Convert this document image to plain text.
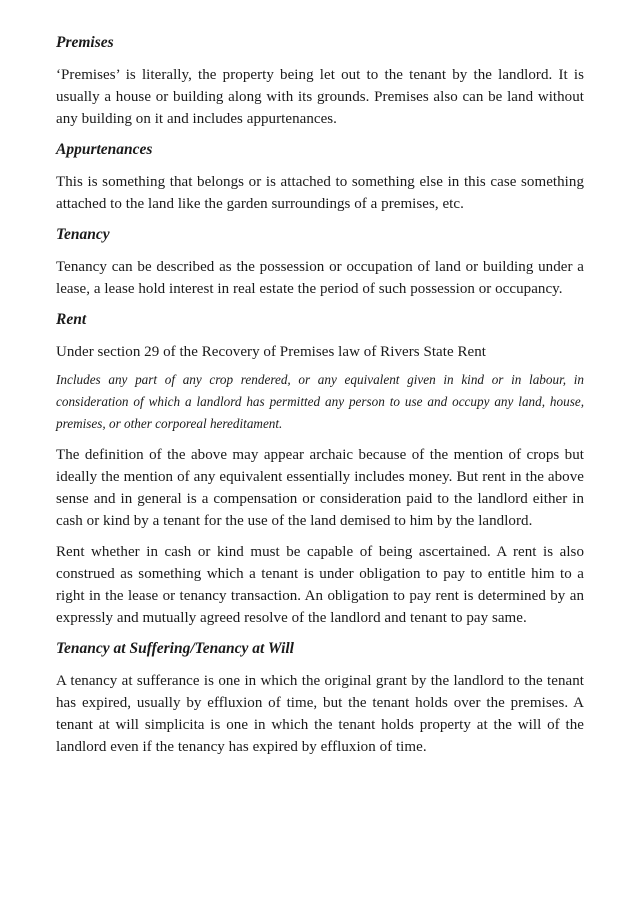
Premises

‘Premises’ is literally, the property being let out to the tenant by the landlord. It is usually a house or building along with its grounds. Premises also can be land without any building on it and includes appurtenances.

Appurtenances

This is something that belongs or is attached to something else in this case something attached to the land like the garden surroundings of a premises, etc.

Tenancy

Tenancy can be described as the possession or occupation of land or building under a lease, a lease hold interest in real estate the period of such possession or occupancy.

Rent

Under section 29 of the Recovery of Premises law of Rivers State Rent

Includes any part of any crop rendered, or any equivalent given in kind or in labour, in consideration of which a landlord has permitted any person to use and occupy any land, house, premises, or other corporeal hereditament.

The definition of the above may appear archaic because of the mention of crops but ideally the mention of any equivalent essentially includes money. But rent in the above sense and in general is a compensation or consideration paid to the landlord either in cash or kind by a tenant for the use of the land demised to him by the landlord.

Rent whether in cash or kind must be capable of being ascertained. A rent is also construed as something which a tenant is under obligation to pay to entitle him to a right in the lease or tenancy transaction. An obligation to pay rent is determined by an expressly and mutually agreed resolve of the landlord and tenant to pay same.

Tenancy at Suffering/Tenancy at Will

A tenancy at sufferance is one in which the original grant by the landlord to the tenant has expired, usually by effluxion of time, but the tenant holds over the premises. A tenant at will simplicita is one in which the tenant holds property at the will of the landlord even if the tenancy has expired by effluxion of time.
